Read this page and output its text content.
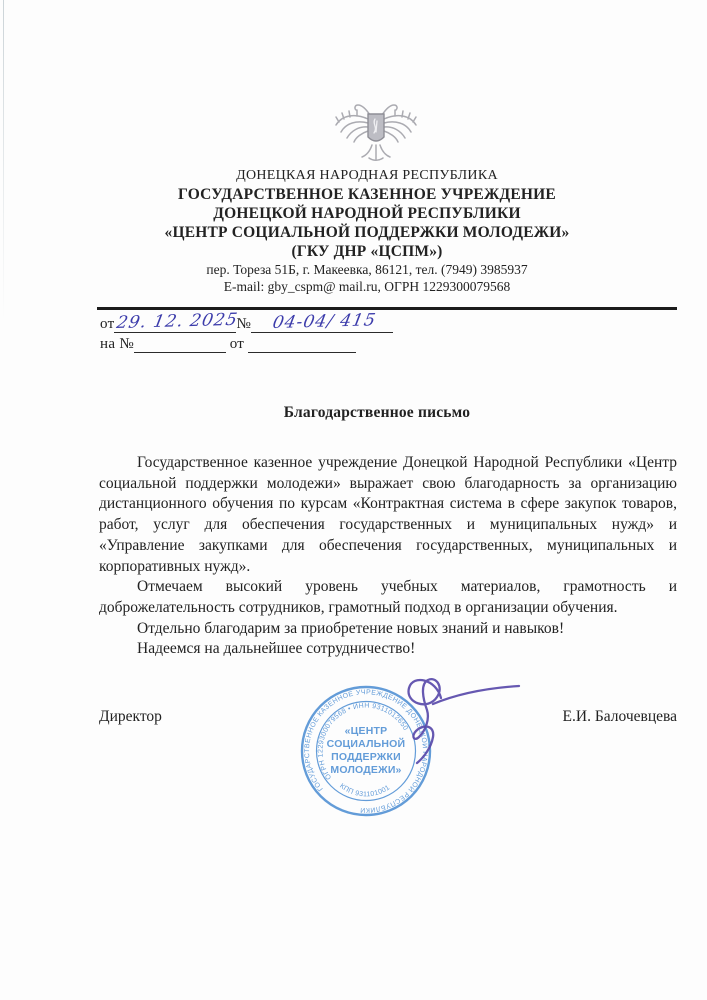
ДОНЕЦКАЯ НАРОДНАЯ РЕСПУБЛИКА
ГОСУДАРСТВЕННОЕ КАЗЕННОЕ УЧРЕЖДЕНИЕ
ДОНЕЦКОЙ НАРОДНОЙ РЕСПУБЛИКИ
«ЦЕНТР СОЦИАЛЬНОЙ ПОДДЕРЖКИ МОЛОДЕЖИ»
(ГКУ ДНР «ЦСПМ»)
пер. Тореза 51Б, г. Макеевка, 86121, тел. (7949) 3985937
E-mail: gby_cspm@ mail.ru, ОГРН 1229300079568
от29. 12. 2025№ 04-04/ 415
на №	от
Благодарственное письмо

Государственное казенное учреждение Донецкой Народной Республики «Центр социальной поддержки молодежи» выражает свою благодарность за организацию дистанционного обучения по курсам «Контрактная система в сфере закупок товаров, работ, услуг для обеспечения государственных и муниципальных нужд» и «Управление закупками для обеспечения государственных, муниципальных и корпоративных нужд».

Отмечаем высокий уровень учебных материалов, грамотность и доброжелательность сотрудников, грамотный подход в организации обучения.

Отдельно благодарим за приобретение новых знаний и навыков!

Надеемся на дальнейшее сотрудничество!

Директор	Е.И. Балочевцева
ГОСУДАРСТВЕННОЕ КАЗЕННОЕ УЧРЕЖДЕНИЕ ДОНЕЦКОЙ НАРОДНОЙ РЕСПУБЛИКИ
ОГРН 1229300079568 • ИНН 9311012650
КПП 931101001
«ЦЕНТР
СОЦИАЛЬНОЙ
ПОДДЕРЖКИ
МОЛОДЕЖИ»
